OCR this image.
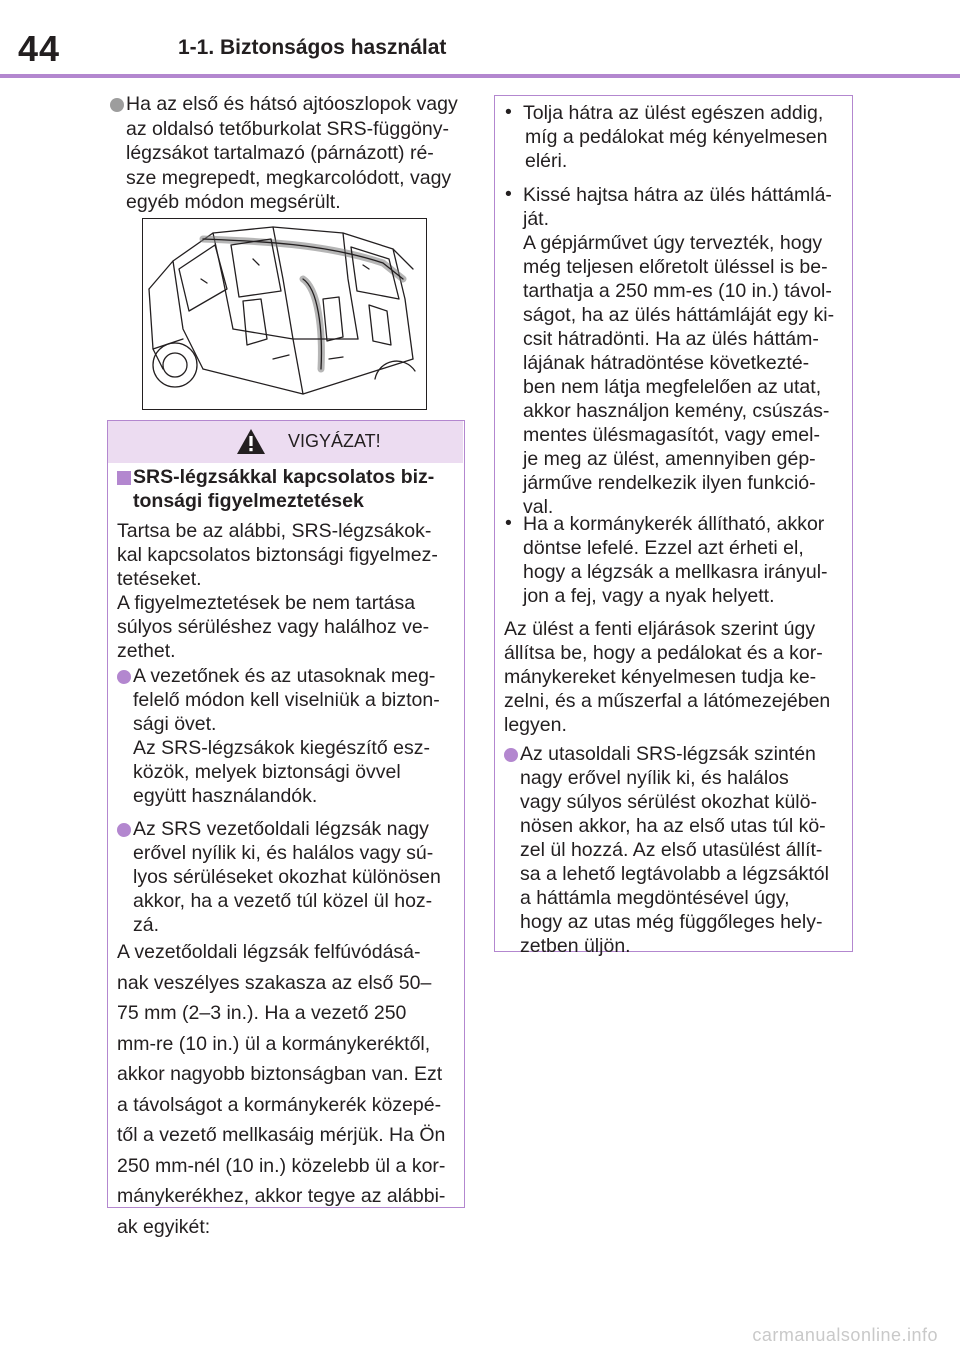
44	1-1. Biztonságos használat
Ha az első és hátsó ajtóoszlopok vagy
az oldalsó tetőburkolat SRS-függöny-
légzsákot tartalmazó (párnázott) ré-
sze megrepedt, megkarcolódott, vagy
egyéb módon megsérült.
VIGYÁZAT!
SRS-légzsákkal kapcsolatos biz-
tonsági figyelmeztetések
Tartsa be az alábbi, SRS-légzsákok-
kal kapcsolatos biztonsági figyelmez-
tetéseket.
A figyelmeztetések be nem tartása
súlyos sérüléshez vagy halálhoz ve-
zethet.
A vezetőnek és az utasoknak meg-
felelő módon kell viselniük a bizton-
sági övet.
Az SRS-légzsákok kiegészítő esz-
közök, melyek biztonsági övvel
együtt használandók.
Az SRS vezetőoldali légzsák nagy
erővel nyílik ki, és halálos vagy sú-
lyos sérüléseket okozhat különösen
akkor, ha a vezető túl közel ül hoz-
zá.
A vezetőoldali légzsák felfúvódásá-
nak veszélyes szakasza az első 50–
75 mm (2–3 in.). Ha a vezető 250
mm-re (10 in.) ül a kormánykeréktől,
akkor nagyobb biztonságban van. Ezt
a távolságot a kormánykerék közepé-
től a vezető mellkasáig mérjük. Ha Ön
250 mm-nél (10 in.) közelebb ül a kor-
mánykerékhez, akkor tegye az alábbi-
ak egyikét:
• Tolja hátra az ülést egészen addig,
míg a pedálokat még kényelmesen
eléri.
• Kissé hajtsa hátra az ülés háttámlá-
ját.
A gépjárművet úgy tervezték, hogy
még teljesen előretolt üléssel is be-
tarthatja a 250 mm-es (10 in.) távol-
ságot, ha az ülés háttámláját egy ki-
csit hátradönti. Ha az ülés háttám-
lájának hátradöntése következté-
ben nem látja megfelelően az utat,
akkor használjon kemény, csúszás-
mentes ülésmagasítót, vagy emel-
je meg az ülést, amennyiben gép-
járműve rendelkezik ilyen funkció-
val.
• Ha a kormánykerék állítható, akkor
döntse lefelé. Ezzel azt érheti el,
hogy a légzsák a mellkasra irányul-
jon a fej, vagy a nyak helyett.
Az ülést a fenti eljárások szerint úgy
állítsa be, hogy a pedálokat és a kor-
mánykereket kényelmesen tudja ke-
zelni, és a műszerfal a látómezejében
legyen.
Az utasoldali SRS-légzsák szintén
nagy erővel nyílik ki, és halálos
vagy súlyos sérülést okozhat külö-
nösen akkor, ha az első utas túl kö-
zel ül hozzá. Az első utasülést állít-
sa a lehető legtávolabb a légzsáktól
a háttámla megdöntésével úgy,
hogy az utas még függőleges hely-
zetben üljön.
carmanualsonline.info
